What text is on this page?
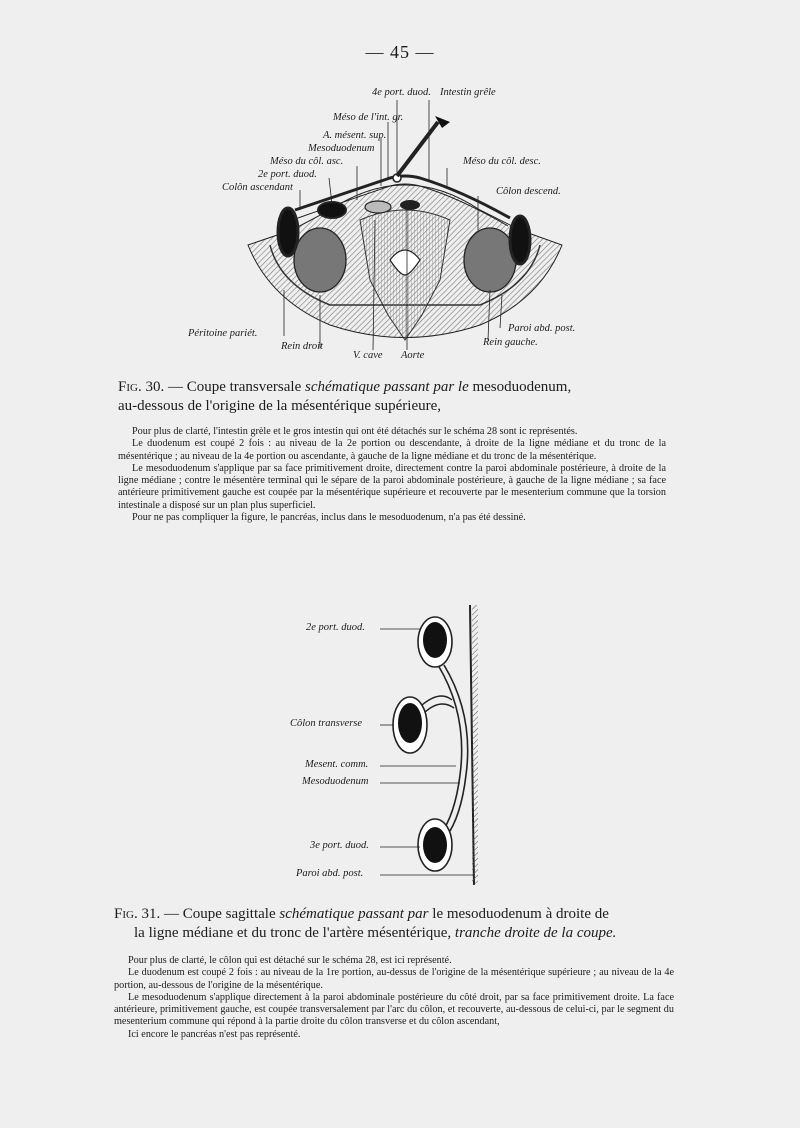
— 45 —
4e port. duod. Intestin grêle
Méso de l'int. gr.
A. mésent. sup.
Mesoduodenum
Méso du côl. asc.
2e port. duod.
Colôn ascendant
Méso du côl. desc.
Côlon descend.
Péritoine pariét.
Rein droit
V. cave Aorte
Paroi abd. post.
Rein gauche.
Fig. 30. — Coupe transversale schématique passant par le mesoduodenum,
au-dessous de l'origine de la mésentérique supérieure,

Pour plus de clarté, l'intestin grèle et le gros intestin qui ont été détachés sur le schéma 28 sont ic représentés.

Le duodenum est coupé 2 fois : au niveau de la 2e portion ou descendante, à droite de la ligne médiane et du tronc de la mésentérique ; au niveau de la 4e portion ou ascendante, à gauche de la ligne médiane et du tronc de la mésentérique.

Le mesoduodenum s'applique par sa face primitivement droite, directement contre la paroi abdominale postérieure, à droite de la ligne médiane ; contre le mésentère terminal qui le sépare de la paroi abdominale postérieure, à gauche de la ligne médiane ; sa face antérieure primitivement gauche est coupée par la mésentérique supérieure et recouverte par le mesenterium commune que la torsion intestinale a disposé sur un plan plus superficiel.

Pour ne pas compliquer la figure, le pancréas, inclus dans le mesoduodenum, n'a pas été dessiné.

2e port. duod.
Côlon transverse
Mesent. comm.
Mesoduodenum
3e port. duod.
Paroi abd. post.
Fig. 31. — Coupe sagittale schématique passant par le mesoduodenum à droite de
la ligne médiane et du tronc de l'artère mésentérique, tranche droite de la coupe.

Pour plus de clarté, le côlon qui est détaché sur le schéma 28, est ici représenté.

Le duodenum est coupé 2 fois : au niveau de la 1re portion, au-dessus de l'origine de la mésentérique supérieure ; au niveau de la 4e portion, au-dessous de l'origine de la mésentérique.

Le mesoduodenum s'applique directement à la paroi abdominale postérieure du côté droit, par sa face primitivement droite. La face antérieure, primitivement gauche, est coupée transversalement par l'arc du côlon, et recouverte, au-dessous de celui-ci, par le segment du mesenterium commune qui répond à la partie droite du côlon transverse et du côlon ascendant,

Ici encore le pancréas n'est pas représenté.
